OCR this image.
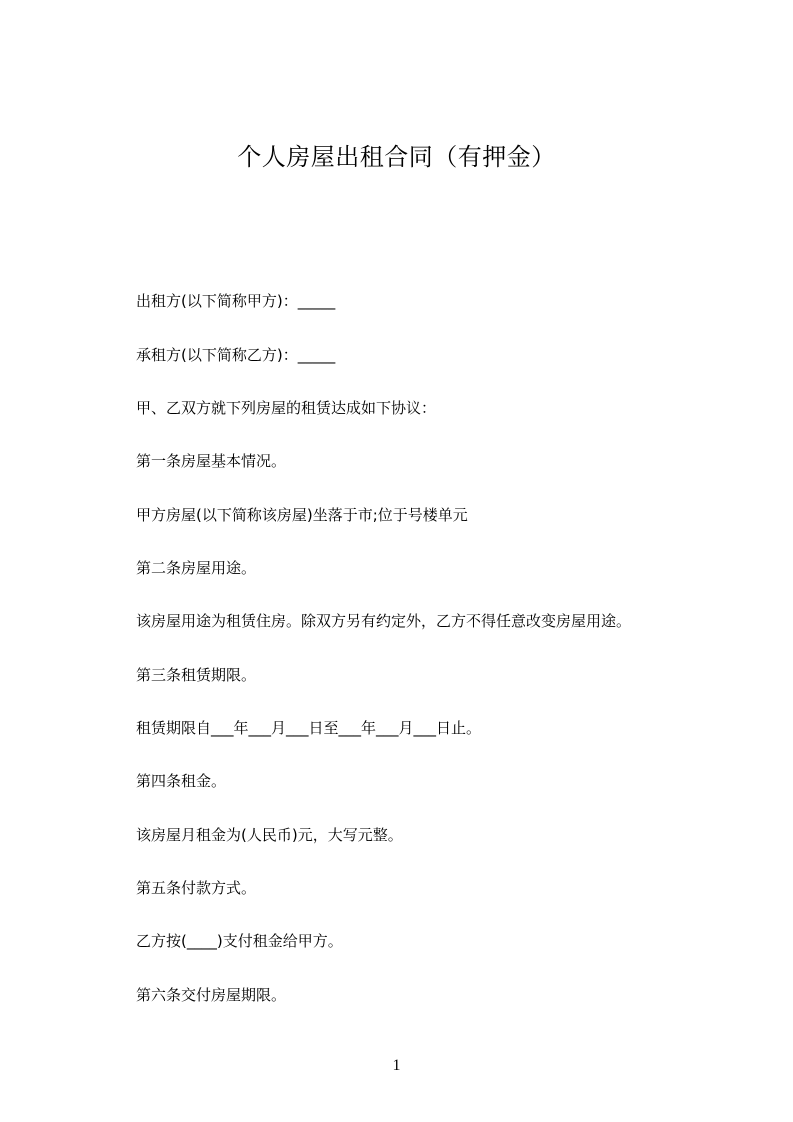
个人房屋出租合同（有押金）
出租方(以下简称甲方)：_____
承租方(以下简称乙方)：_____
甲、乙双方就下列房屋的租赁达成如下协议：
第一条房屋基本情况。
甲方房屋(以下简称该房屋)坐落于市;位于号楼单元
第二条房屋用途。
该房屋用途为租赁住房。除双方另有约定外，乙方不得任意改变房屋用途。
第三条租赁期限。
租赁期限自___年___月___日至___年___月___日止。
第四条租金。
该房屋月租金为(人民币)元，大写元整。
第五条付款方式。
乙方按(____)支付租金给甲方。
第六条交付房屋期限。
1
